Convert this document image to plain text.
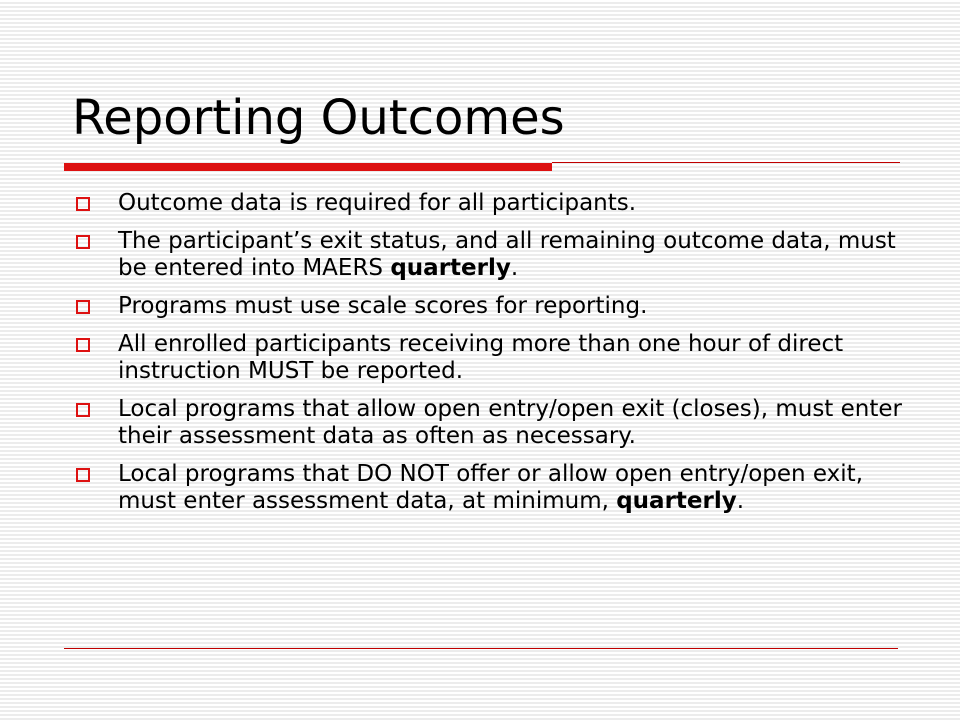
Reporting Outcomes
Outcome data is required for all participants.
The participant’s exit status, and all remaining outcome data, must be entered into MAERS quarterly.
Programs must use scale scores for reporting.
All enrolled participants receiving more than one hour of direct instruction MUST be reported.
Local programs that allow open entry/open exit (closes), must enter their assessment data as often as necessary.
Local programs that DO NOT offer or allow open entry/open exit, must enter assessment data, at minimum, quarterly.
